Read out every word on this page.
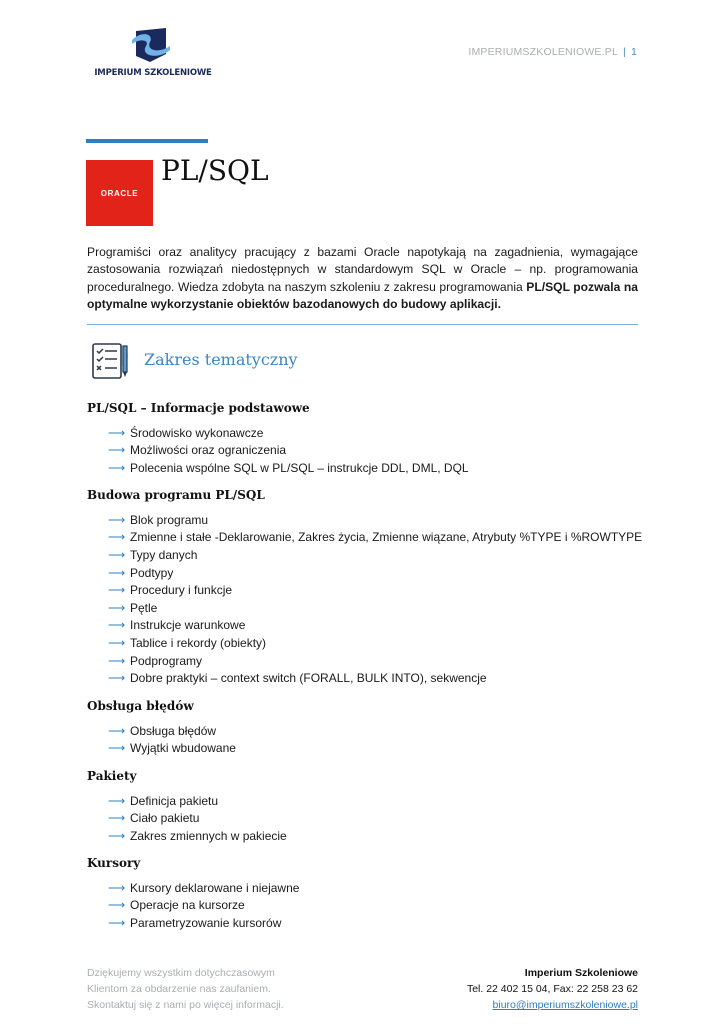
IMPERIUM SZKOLENIOWE
IMPERIUMSZKOLENIOWE.PL | 1
ORACLE
PL/SQL

Programiści oraz analitycy pracujący z bazami Oracle napotykają na zagadnienia, wymagające zastosowania rozwiązań niedostępnych w standardowym SQL w Oracle – np. programowania proceduralnego. Wiedza zdobyta na naszym szkoleniu z zakresu programowania PL/SQL pozwala na optymalne wykorzystanie obiektów bazodanowych do budowy aplikacji.

Zakres tematyczny
PL/SQL – Informacje podstawowe
⟶ Środowisko wykonawcze
⟶ Możliwości oraz ograniczenia
⟶ Polecenia wspólne SQL w PL/SQL – instrukcje DDL, DML, DQL
Budowa programu PL/SQL
⟶ Blok programu
⟶ Zmienne i stałe -Deklarowanie, Zakres życia, Zmienne wiązane, Atrybuty %TYPE i %ROWTYPE
⟶ Typy danych
⟶ Podtypy
⟶ Procedury i funkcje
⟶ Pętle
⟶ Instrukcje warunkowe
⟶ Tablice i rekordy (obiekty)
⟶ Podprogramy
⟶ Dobre praktyki – context switch (FORALL, BULK INTO), sekwencje
Obsługa błędów
⟶ Obsługa błędów
⟶ Wyjątki wbudowane
Pakiety
⟶ Definicja pakietu
⟶ Ciało pakietu
⟶ Zakres zmiennych w pakiecie
Kursory
⟶ Kursory deklarowane i niejawne
⟶ Operacje na kursorze
⟶ Parametryzowanie kursorów
Dziękujemy wszystkim dotychczasowym
Klientom za obdarzenie nas zaufaniem.
Skontaktuj się z nami po więcej informacji.
Imperium Szkoleniowe
Tel. 22 402 15 04, Fax: 22 258 23 62
biuro@imperiumszkoleniowe.pl
